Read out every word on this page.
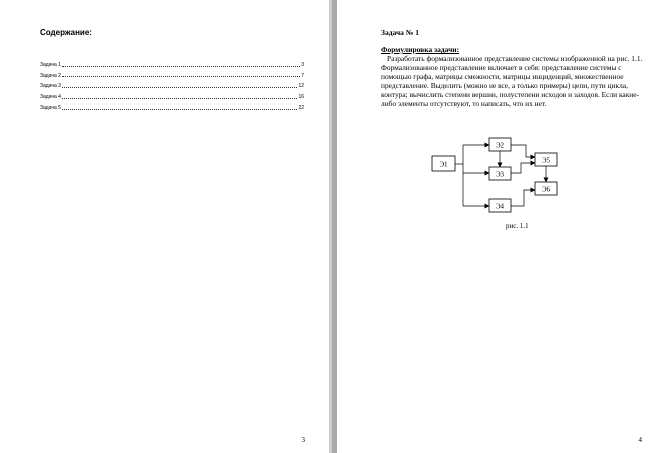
3	4
Содержание:
Задача 1	3
Задача 2	7
Задача 3	12
Задача 4	16
Задача 5	22
Задача № 1
Формулировка задачи:
Разработать формализованное представление системы изображенной на рис. 1.1. Формализованное представление включает в себя: представление системы с помощью графа, матрицы смежности, матрицы инциденций, множественное представление. Выделить (можно не все, а только примеры) цепи, пути цикла, контура; вычислить степени вершин, полустепени исходов и заходов. Если какие-либо элементы отсутствуют, то написать, что их нет.
Э1
Э2
Э3
Э4
Э5
Э6
рис. 1.1
